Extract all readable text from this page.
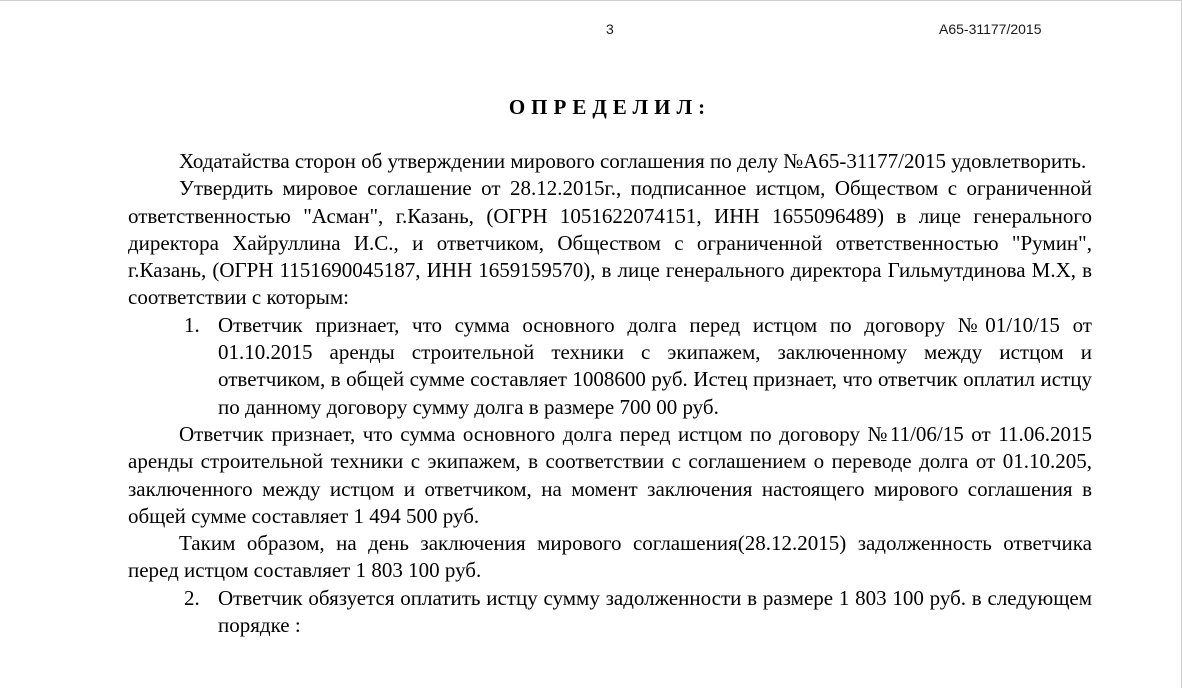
3	А65-31177/2015
ОПРЕДЕЛИЛ:

Ходатайства сторон об утверждении мирового соглашения по делу №А65-31177/2015 удовлетворить.

Утвердить мировое соглашение от 28.12.2015г., подписанное истцом, Обществом с ограниченной ответственностью "Асман", г.Казань, (ОГРН 1051622074151, ИНН 1655096489) в лице генерального директора Хайруллина И.С., и ответчиком, Обществом с ограниченной ответственностью "Румин", г.Казань, (ОГРН 1151690045187, ИНН 1659159570), в лице генерального директора Гильмутдинова М.Х, в соответствии с которым:

1. Ответчик признает, что сумма основного долга перед истцом по договору №01/10/15 от 01.10.2015 аренды строительной техники с экипажем, заключенному между истцом и ответчиком, в общей сумме составляет 1008600 руб. Истец признает, что ответчик оплатил истцу по данному договору сумму долга в размере 700 00 руб.

Ответчик признает, что сумма основного долга перед истцом по договору №11/06/15 от 11.06.2015 аренды строительной техники с экипажем, в соответствии с соглашением о переводе долга от 01.10.205, заключенного между истцом и ответчиком, на момент заключения настоящего мирового соглашения в общей сумме составляет 1 494 500 руб.

Таким образом, на день заключения мирового соглашения(28.12.2015) задолженность ответчика перед истцом составляет 1 803 100 руб.

2. Ответчик обязуется оплатить истцу сумму задолженности в размере 1 803 100 руб. в следующем порядке :
